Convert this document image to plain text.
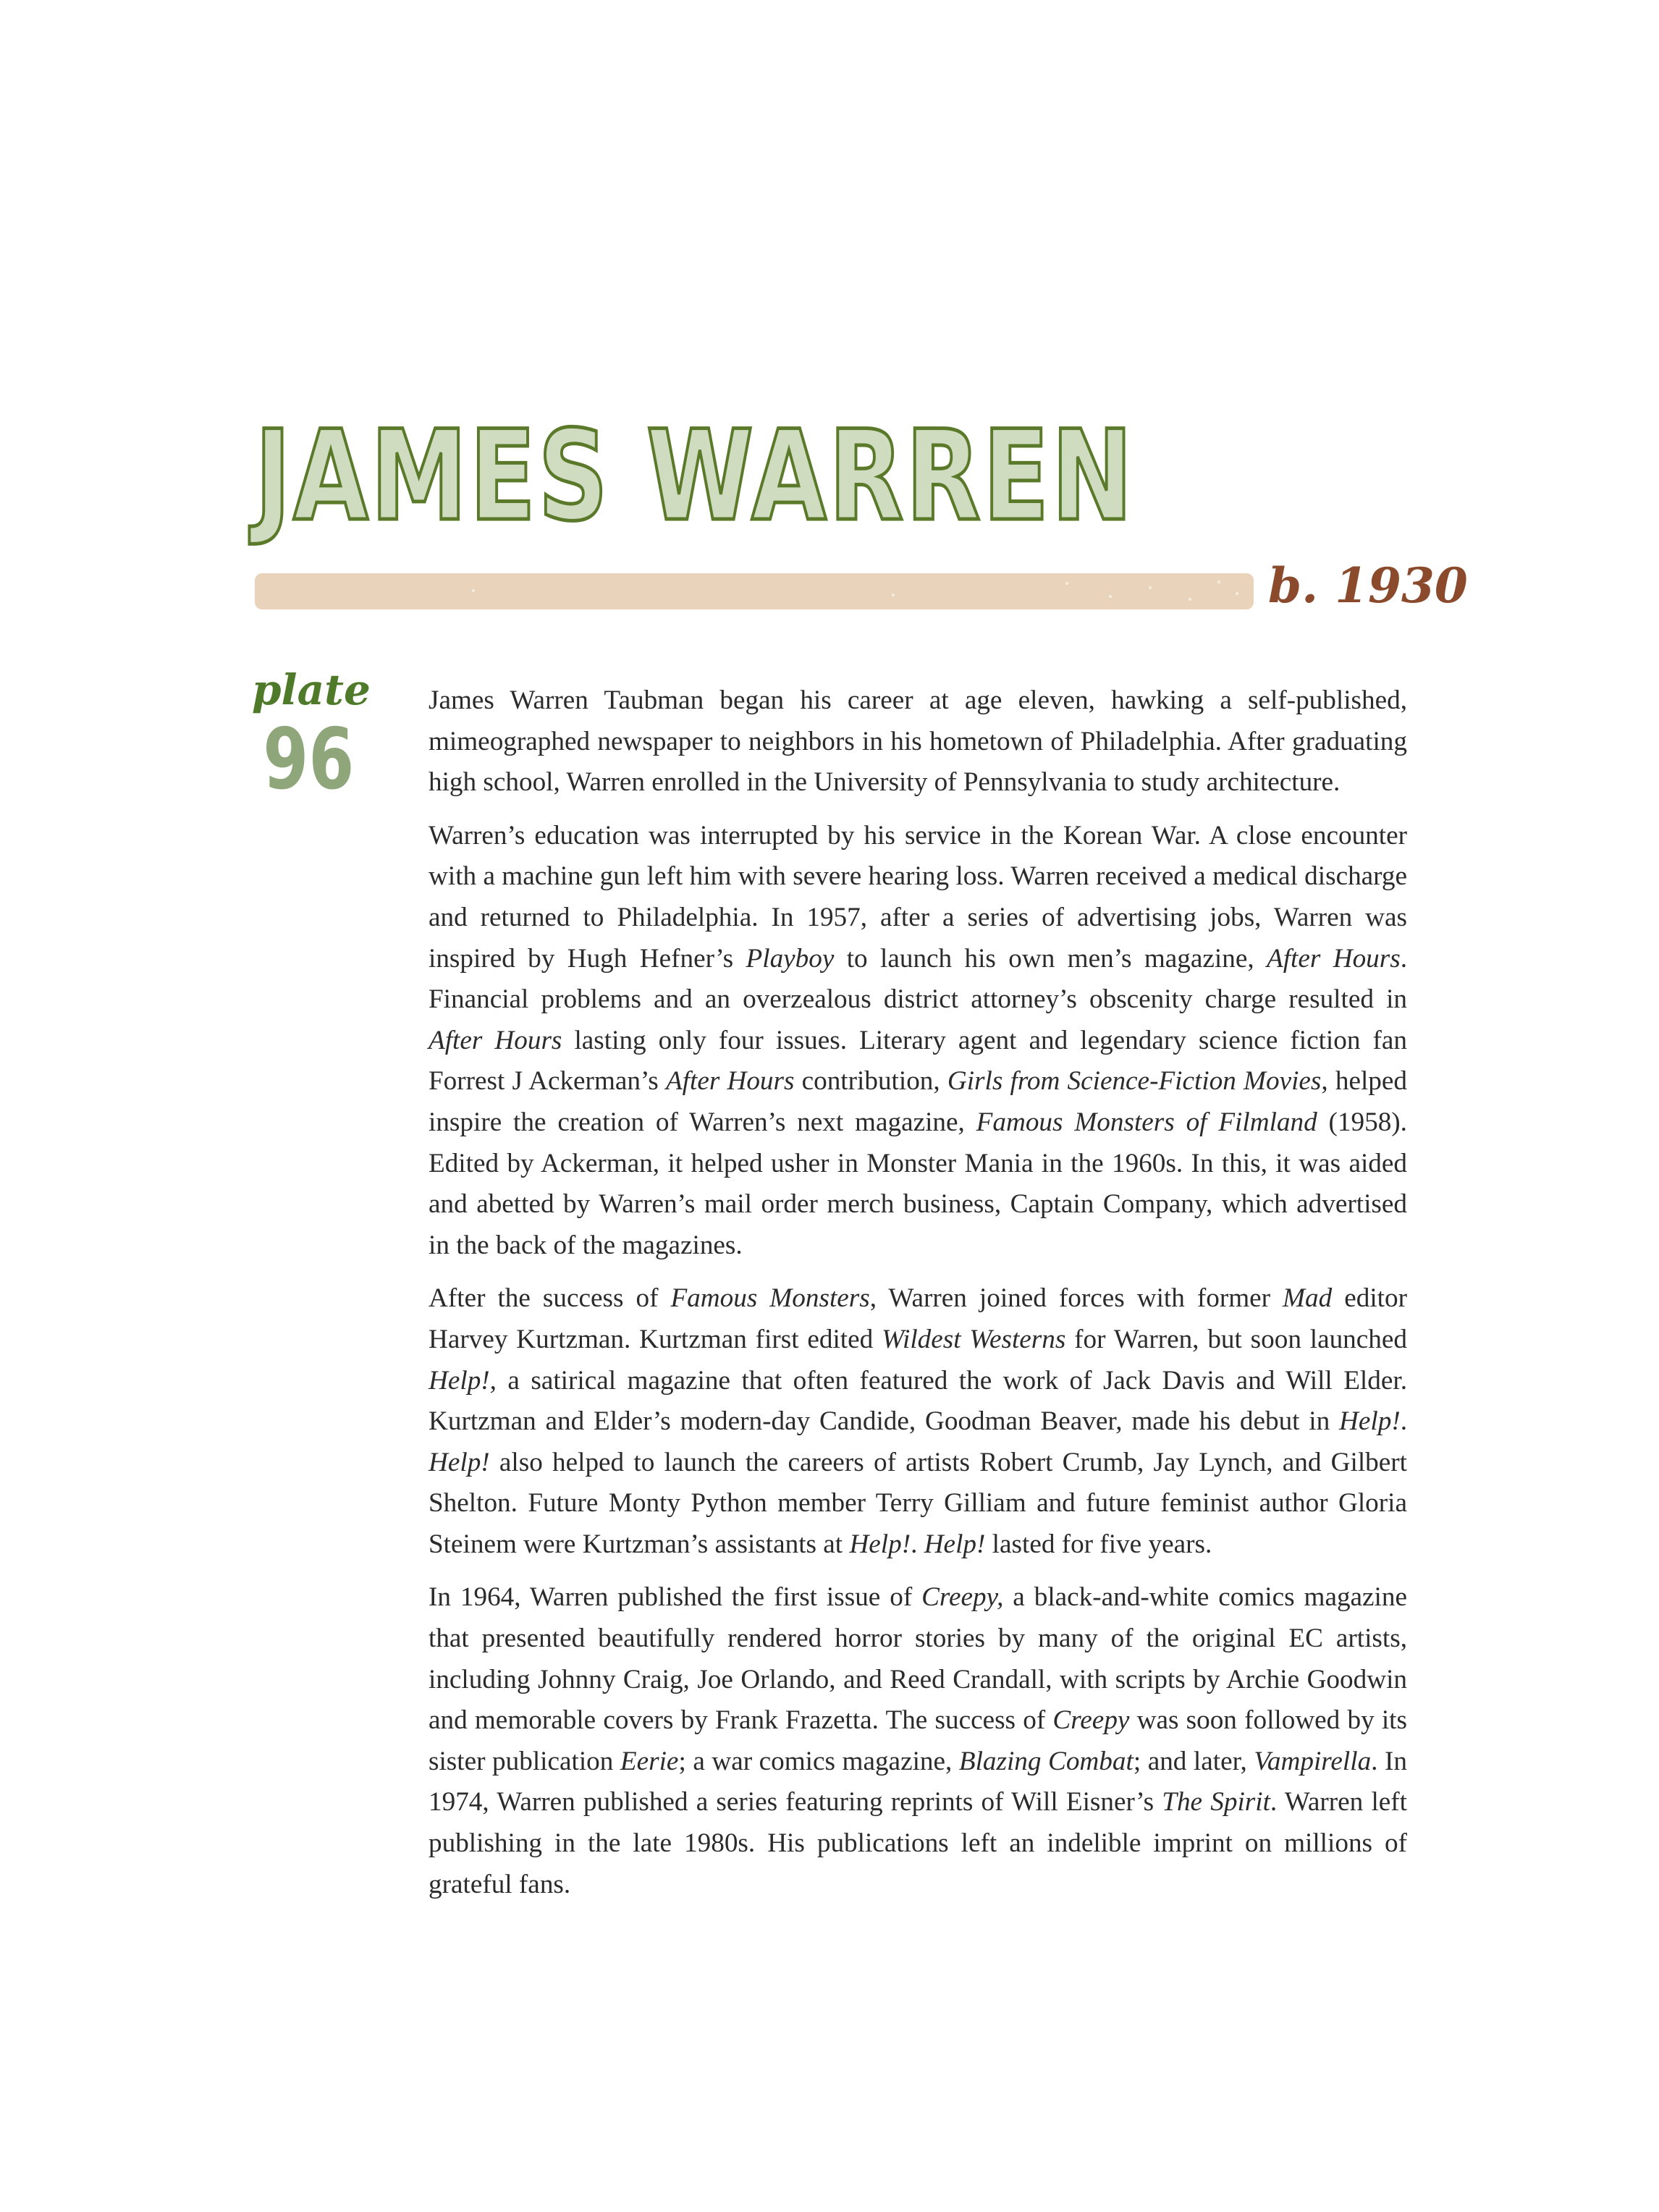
JAMES WARREN
b. 1930
plate
96

James Warren Taubman began his career at age eleven, hawking a self-published, mimeographed newspaper to neighbors in his hometown of Philadelphia. After graduating high school, Warren enrolled in the University of Pennsylvania to study architecture.

Warren’s education was interrupted by his service in the Korean War. A close encounter with a machine gun left him with severe hearing loss. Warren received a medical discharge and returned to Philadelphia. In 1957, after a series of advertising jobs, Warren was inspired by Hugh Hefner’s Playboy to launch his own men’s magazine, After Hours. Financial problems and an overzealous district attorney’s obscenity charge resulted in After Hours lasting only four issues. Literary agent and legendary science fiction fan Forrest J Ackerman’s After Hours contribution, Girls from Science-Fiction Movies, helped inspire the creation of Warren’s next magazine, Famous Monsters of Filmland (1958). Edited by Ackerman, it helped usher in Monster Mania in the 1960s. In this, it was aided and abetted by Warren’s mail order merch business, Captain Company, which advertised in the back of the magazines.

After the success of Famous Monsters, Warren joined forces with former Mad editor Harvey Kurtzman. Kurtzman first edited Wildest Westerns for Warren, but soon launched Help!, a satirical magazine that often featured the work of Jack Davis and Will Elder. Kurtzman and Elder’s modern-day Candide, Goodman Beaver, made his debut in Help!. Help! also helped to launch the careers of artists Robert Crumb, Jay Lynch, and Gilbert Shelton. Future Monty Python member Terry Gilliam and future feminist author Gloria Steinem were Kurtzman’s assistants at Help!. Help! lasted for five years.

In 1964, Warren published the first issue of Creepy, a black-and-white comics magazine that presented beautifully rendered horror stories by many of the original EC artists, including Johnny Craig, Joe Orlando, and Reed Crandall, with scripts by Archie Goodwin and memorable covers by Frank Frazetta. The success of Creepy was soon followed by its sister publication Eerie; a war comics magazine, Blazing Combat; and later, Vampirella. In 1974, Warren published a series featuring reprints of Will Eisner’s The Spirit. Warren left publishing in the late 1980s. His publications left an indelible imprint on millions of grateful fans.
